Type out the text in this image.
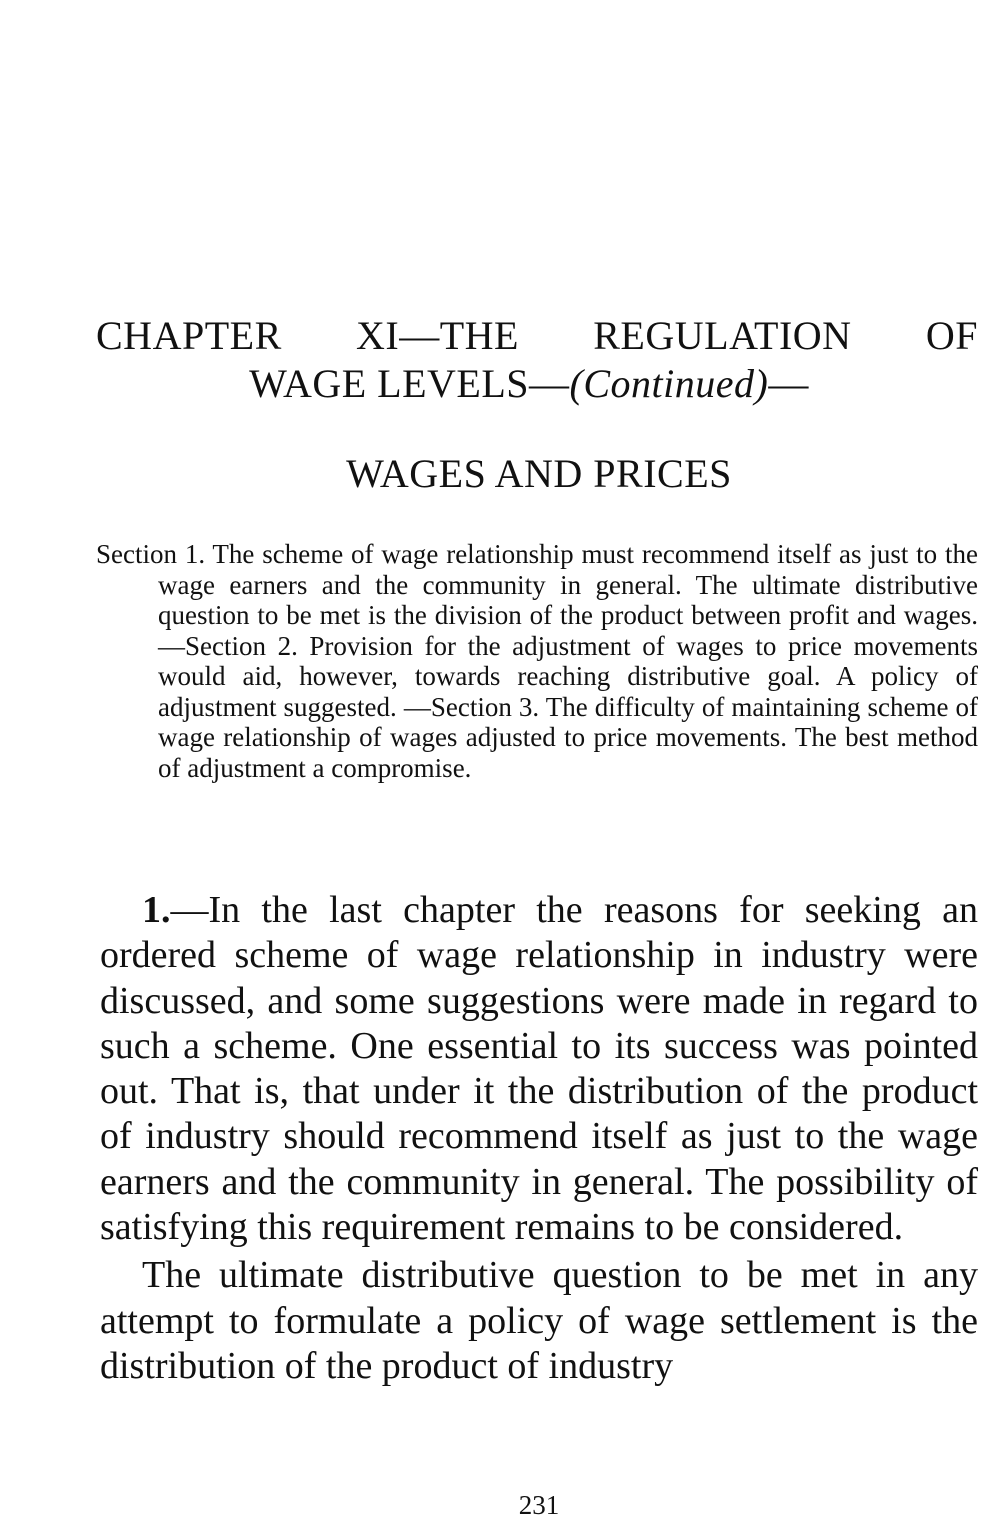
CHAPTER XI—THE REGULATION OF
WAGE LEVELS—(Continued)—
WAGES AND PRICES

Section 1. The scheme of wage relationship must recommend itself as just to the wage earners and the community in general. The ultimate distributive question to be met is the division of the product between profit and wages.—Section 2. Provision for the adjustment of wages to price movements would aid, however, towards reaching distributive goal. A policy of adjustment suggested. —Section 3. The difficulty of maintaining scheme of wage relationship of wages adjusted to price movements. The best method of adjustment a compromise.

1.—In the last chapter the reasons for seeking an ordered scheme of wage relationship in industry were discussed, and some suggestions were made in regard to such a scheme. One essential to its success was pointed out. That is, that under it the distribution of the product of industry should recommend itself as just to the wage earners and the community in general. The possibility of satisfying this requirement remains to be considered.

The ultimate distributive question to be met in any attempt to formulate a policy of wage settlement is the distribution of the product of industry

231
